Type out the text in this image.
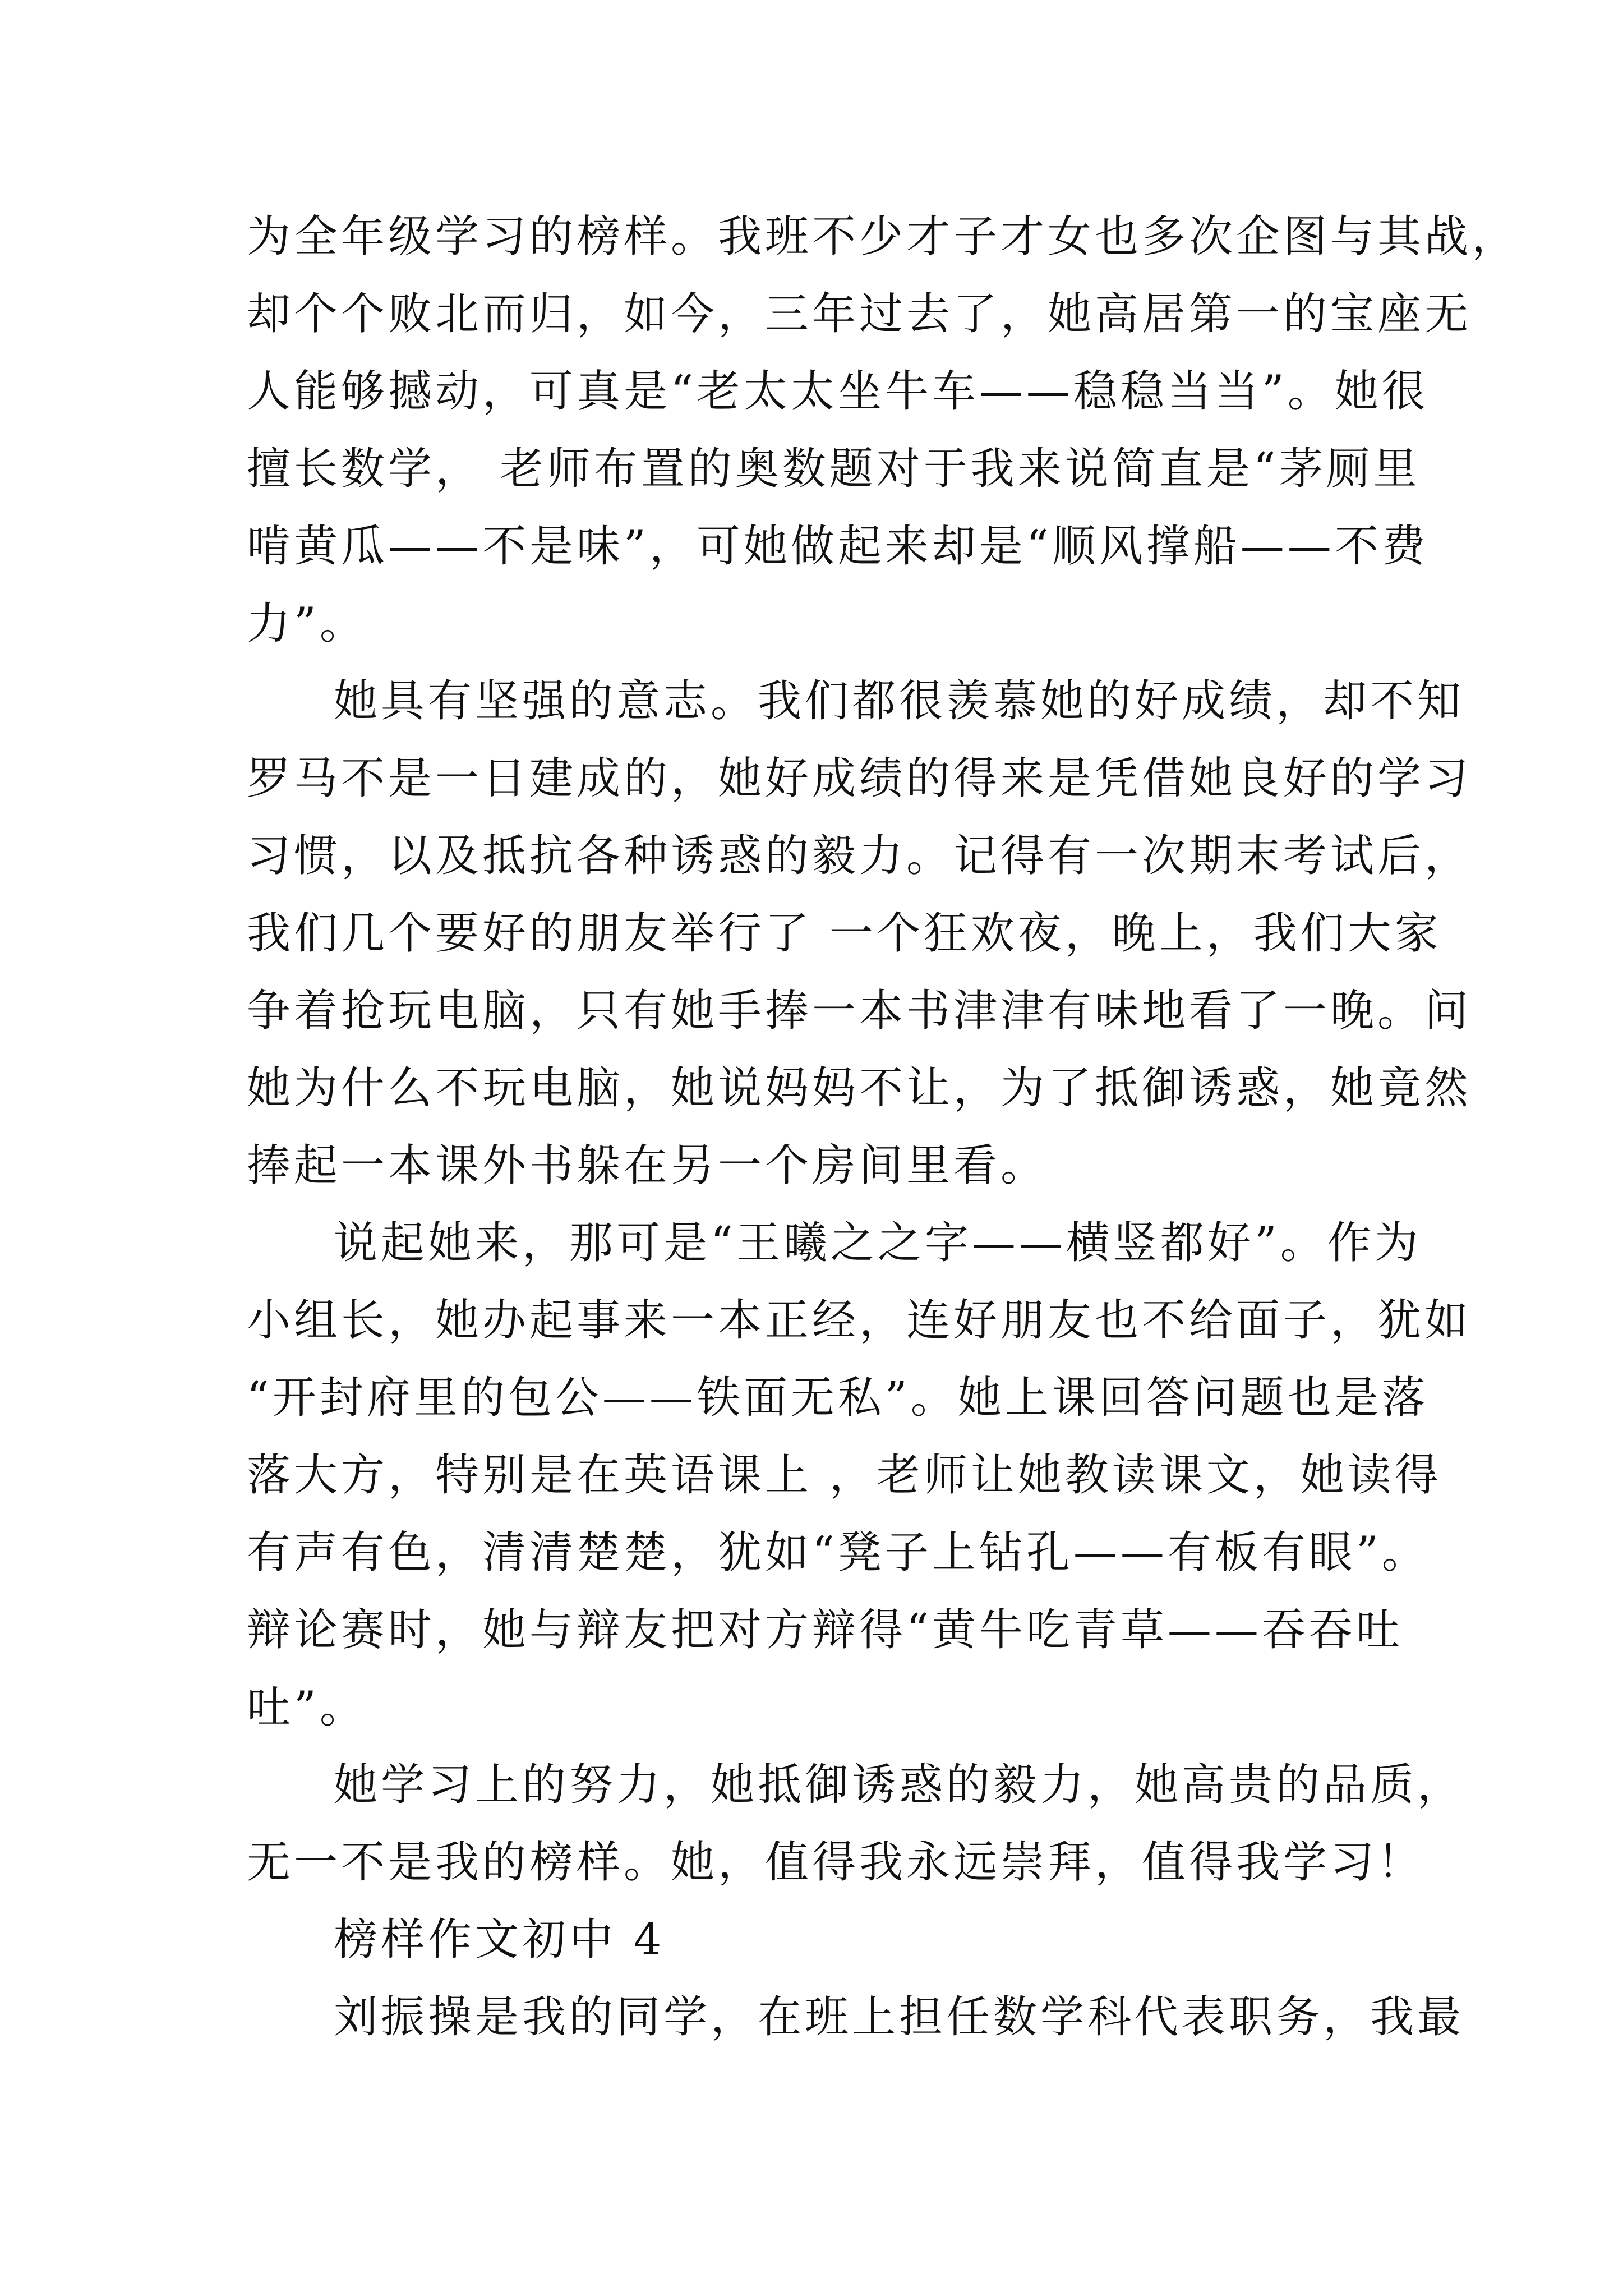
为全年级学习的榜样。我班不少才子才女也多次企图与其战，
却个个败北而归，如今，三年过去了，她高居第一的宝座无
人能够撼动，可真是“老太太坐牛车——稳稳当当”。她很
擅长数学， 老师布置的奥数题对于我来说简直是“茅厕里
啃黄瓜——不是味”，可她做起来却是“顺风撑船——不费
力”。
她具有坚强的意志。我们都很羡慕她的好成绩，却不知
罗马不是一日建成的，她好成绩的得来是凭借她良好的学习
习惯，以及抵抗各种诱惑的毅力。记得有一次期末考试后，
我们几个要好的朋友举行了 一个狂欢夜，晚上，我们大家
争着抢玩电脑，只有她手捧一本书津津有味地看了一晚。问
她为什么不玩电脑，她说妈妈不让，为了抵御诱惑，她竟然
捧起一本课外书躲在另一个房间里看。
说起她来，那可是“王曦之之字——横竖都好”。作为
小组长，她办起事来一本正经，连好朋友也不给面子，犹如
“开封府里的包公——铁面无私”。她上课回答问题也是落
落大方，特别是在英语课上 ，老师让她教读课文，她读得
有声有色，清清楚楚，犹如“凳子上钻孔——有板有眼”。
辩论赛时，她与辩友把对方辩得“黄牛吃青草——吞吞吐
吐”。
她学习上的努力，她抵御诱惑的毅力，她高贵的品质，
无一不是我的榜样。她，值得我永远崇拜，值得我学习！
榜样作文初中 4
刘振操是我的同学，在班上担任数学科代表职务，我最
